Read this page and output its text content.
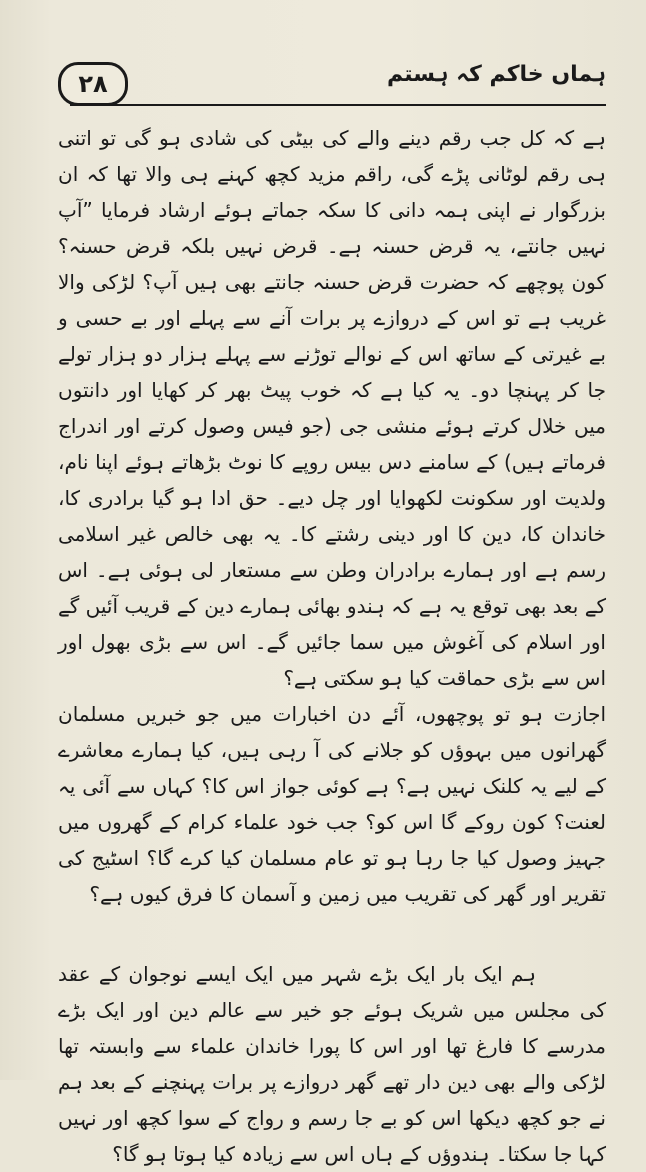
۲۸	ہماں خاکم کہ ہستم

ہے کہ کل جب رقم دینے والے کی بیٹی کی شادی ہو گی تو اتنی ہی رقم لوٹانی پڑے گی، راقم مزید کچھ کہنے ہی والا تھا کہ ان بزرگوار نے اپنی ہمہ دانی کا سکہ جماتے ہوئے ارشاد فرمایا ”آپ نہیں جانتے، یہ قرض حسنہ ہے۔ قرض نہیں بلکہ قرض حسنہ؟ کون پوچھے کہ حضرت قرض حسنہ جانتے بھی ہیں آپ؟ لڑکی والا غریب ہے تو اس کے دروازے پر برات آنے سے پہلے اور بے حسی و بے غیرتی کے ساتھ اس کے نوالے توڑنے سے پہلے ہزار دو ہزار تولے جا کر پہنچا دو۔ یہ کیا ہے کہ خوب پیٹ بھر کر کھایا اور دانتوں میں خلال کرتے ہوئے منشی جی (جو فیس وصول کرتے اور اندراج فرماتے ہیں) کے سامنے دس بیس روپے کا نوٹ بڑھاتے ہوئے اپنا نام، ولدیت اور سکونت لکھوایا اور چل دیے۔ حق ادا ہو گیا برادری کا، خاندان کا، دین کا اور دینی رشتے کا۔ یہ بھی خالص غیر اسلامی رسم ہے اور ہمارے برادران وطن سے مستعار لی ہوئی ہے۔ اس کے بعد بھی توقع یہ ہے کہ ہندو بھائی ہمارے دین کے قریب آئیں گے اور اسلام کی آغوش میں سما جائیں گے۔ اس سے بڑی بھول اور اس سے بڑی حماقت کیا ہو سکتی ہے؟

اجازت ہو تو پوچھوں، آئے دن اخبارات میں جو خبریں مسلمان گھرانوں میں بہوؤں کو جلانے کی آ رہی ہیں، کیا ہمارے معاشرے کے لیے یہ کلنک نہیں ہے؟ ہے کوئی جواز اس کا؟ کہاں سے آئی یہ لعنت؟ کون روکے گا اس کو؟ جب خود علماء کرام کے گھروں میں جہیز وصول کیا جا رہا ہو تو عام مسلمان کیا کرے گا؟ اسٹیج کی تقریر اور گھر کی تقریب میں زمین و آسمان کا فرق کیوں ہے؟

ہم ایک بار ایک بڑے شہر میں ایک ایسے نوجوان کے عقد کی مجلس میں شریک ہوئے جو خیر سے عالم دین اور ایک بڑے مدرسے کا فارغ تھا اور اس کا پورا خاندان علماء سے وابستہ تھا لڑکی والے بھی دین دار تھے گھر دروازے پر برات پہنچنے کے بعد ہم نے جو کچھ دیکھا اس کو بے جا رسم و رواج کے سوا کچھ اور نہیں کہا جا سکتا۔ ہندوؤں کے ہاں اس سے زیادہ کیا ہوتا ہو گا؟
